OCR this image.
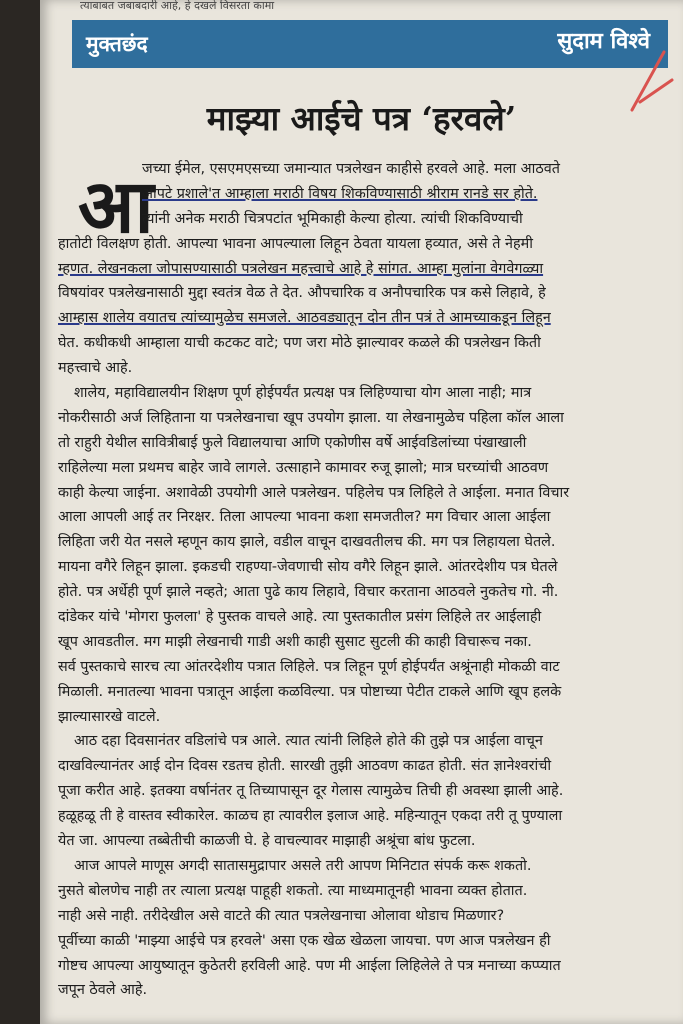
त्याबाबत जबाबदारी आहे, हे दखले विसरता कामा
मुक्तछंद	सुदाम विश्वे
माझ्या आईचे पत्र ‘हरवले’
आ
जच्या ईमेल, एसएमएसच्या जमान्यात पत्रलेखन काहीसे हरवले आहे. मला आठवते
आपटे प्रशाले'त आम्हाला मराठी विषय शिकविण्यासाठी श्रीराम रानडे सर होते.
त्यांनी अनेक मराठी चित्रपटांत भूमिकाही केल्या होत्या. त्यांची शिकविण्याची
हातोटी विलक्षण होती. आपल्या भावना आपल्याला लिहून ठेवता यायला हव्यात, असे ते नेहमी
म्हणत. लेखनकला जोपासण्यासाठी पत्रलेखन महत्त्वाचे आहे हे सांगत. आम्हा मुलांना वेगवेगळ्या
विषयांवर पत्रलेखनासाठी मुद्दा स्वतंत्र वेळ ते देत. औपचारिक व अनौपचारिक पत्र कसे लिहावे, हे
आम्हास शालेय वयातच त्यांच्यामुळेच समजले. आठवड्यातून दोन तीन पत्रं ते आमच्याकडून लिहून
घेत. कधीकधी आम्हाला याची कटकट वाटे; पण जरा मोठे झाल्यावर कळले की पत्रलेखन किती
महत्त्वाचे आहे.
शालेय, महाविद्यालयीन शिक्षण पूर्ण होईपर्यंत प्रत्यक्ष पत्र लिहिण्याचा योग आला नाही; मात्र
नोकरीसाठी अर्ज लिहिताना या पत्रलेखनाचा खूप उपयोग झाला. या लेखनामुळेच पहिला कॉल आला
तो राहुरी येथील सावित्रीबाई फुले विद्यालयाचा आणि एकोणीस वर्षे आईवडिलांच्या पंखाखाली
राहिलेल्या मला प्रथमच बाहेर जावे लागले. उत्साहाने कामावर रुजू झालो; मात्र घरच्यांची आठवण
काही केल्या जाईना. अशावेळी उपयोगी आले पत्रलेखन. पहिलेच पत्र लिहिले ते आईला. मनात विचार
आला आपली आई तर निरक्षर. तिला आपल्या भावना कशा समजतील? मग विचार आला आईला
लिहिता जरी येत नसले म्हणून काय झाले, वडील वाचून दाखवतीलच की. मग पत्र लिहायला घेतले.
मायना वगैरे लिहून झाला. इकडची राहण्या-जेवणाची सोय वगैरे लिहून झाले. आंतरदेशीय पत्र घेतले
होते. पत्र अर्धेही पूर्ण झाले नव्हते; आता पुढे काय लिहावे, विचार करताना आठवले नुकतेच गो. नी.
दांडेकर यांचे 'मोगरा फुलला' हे पुस्तक वाचले आहे. त्या पुस्तकातील प्रसंग लिहिले तर आईलाही
खूप आवडतील. मग माझी लेखनाची गाडी अशी काही सुसाट सुटली की काही विचारूच नका.
सर्व पुस्तकाचे सारच त्या आंतरदेशीय पत्रात लिहिले. पत्र लिहून पूर्ण होईपर्यंत अश्रूंनाही मोकळी वाट
मिळाली. मनातल्या भावना पत्रातून आईला कळविल्या. पत्र पोष्टाच्या पेटीत टाकले आणि खूप हलके
झाल्यासारखे वाटले.
आठ दहा दिवसानंतर वडिलांचे पत्र आले. त्यात त्यांनी लिहिले होते की तुझे पत्र आईला वाचून
दाखविल्यानंतर आई दोन दिवस रडतच होती. सारखी तुझी आठवण काढत होती. संत ज्ञानेश्वरांची
पूजा करीत आहे. इतक्या वर्षानंतर तू तिच्यापासून दूर गेलास त्यामुळेच तिची ही अवस्था झाली आहे.
हळूहळू ती हे वास्तव स्वीकारेल. काळच हा त्यावरील इलाज आहे. महिन्यातून एकदा तरी तू पुण्याला
येत जा. आपल्या तब्बेतीची काळजी घे. हे वाचल्यावर माझाही अश्रूंचा बांध फुटला.
आज आपले माणूस अगदी सातासमुद्रापार असले तरी आपण मिनिटात संपर्क करू शकतो.
नुसते बोलणेच नाही तर त्याला प्रत्यक्ष पाहूही शकतो. त्या माध्यमातूनही भावना व्यक्त होतात.
नाही असे नाही. तरीदेखील असे वाटते की त्यात पत्रलेखनाचा ओलावा थोडाच मिळणार?
पूर्वीच्या काळी 'माझ्या आईचे पत्र हरवले' असा एक खेळ खेळला जायचा. पण आज पत्रलेखन ही
गोष्टच आपल्या आयुष्यातून कुठेतरी हरविली आहे. पण मी आईला लिहिलेले ते पत्र मनाच्या कप्प्यात
जपून ठेवले आहे.
